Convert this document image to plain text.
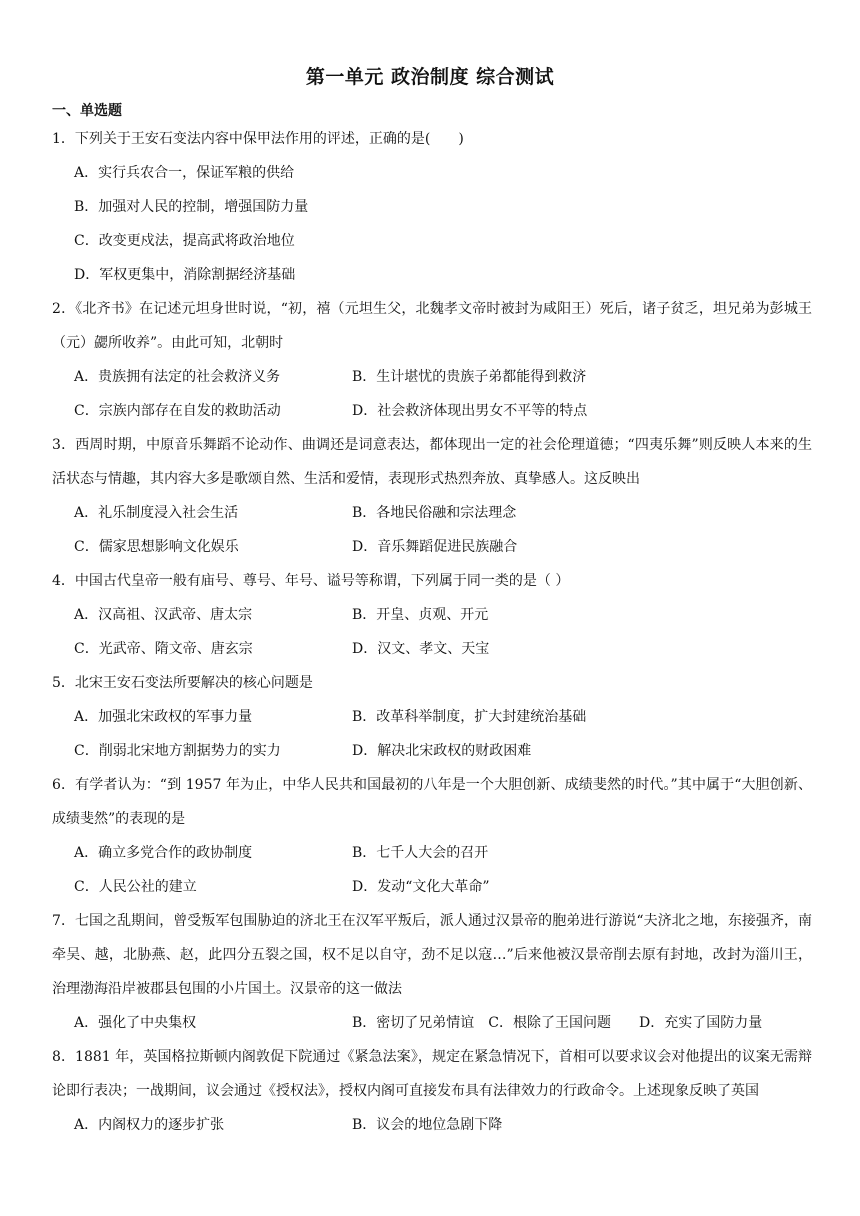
第一单元 政治制度 综合测试
一、单选题

1．下列关于王安石变法内容中保甲法作用的评述，正确的是(　　)

A．实行兵农合一，保证军粮的供给
B．加强对人民的控制，增强国防力量
C．改变更戍法，提高武将政治地位
D．军权更集中，消除割据经济基础

2．《北齐书》在记述元坦身世时说，“初，禧（元坦生父，北魏孝文帝时被封为咸阳王）死后，诸子贫乏，坦兄弟为彭城王（元）勰所收养”。由此可知，北朝时

A．贵族拥有法定的社会救济义务	B．生计堪忧的贵族子弟都能得到救济
C．宗族内部存在自发的救助活动	D．社会救济体现出男女不平等的特点

3．西周时期，中原音乐舞蹈不论动作、曲调还是词意表达，都体现出一定的社会伦理道德；“四夷乐舞”则反映人本来的生活状态与情趣，其内容大多是歌颂自然、生活和爱情，表现形式热烈奔放、真挚感人。这反映出

A．礼乐制度浸入社会生活	B．各地民俗融和宗法理念
C．儒家思想影响文化娱乐	D．音乐舞蹈促进民族融合

4．中国古代皇帝一般有庙号、尊号、年号、谥号等称谓，下列属于同一类的是（ ）

A．汉高祖、汉武帝、唐太宗	B．开皇、贞观、开元
C．光武帝、隋文帝、唐玄宗	D．汉文、孝文、天宝

5．北宋王安石变法所要解决的核心问题是

A．加强北宋政权的军事力量	B．改革科举制度，扩大封建统治基础
C．削弱北宋地方割据势力的实力	D．解决北宋政权的财政困难

6．有学者认为：“到 1957 年为止，中华人民共和国最初的八年是一个大胆创新、成绩斐然的时代。”其中属于“大胆创新、成绩斐然”的表现的是

A．确立多党合作的政协制度	B．七千人大会的召开
C．人民公社的建立	D．发动“文化大革命”

7．七国之乱期间，曾受叛军包围胁迫的济北王在汉军平叛后，派人通过汉景帝的胞弟进行游说“夫济北之地，东接强齐，南牵吴、越，北胁燕、赵，此四分五裂之国，权不足以自守，劲不足以寇…”后来他被汉景帝削去原有封地，改封为淄川王，治理渤海沿岸被郡县包围的小片国土。汉景帝的这一做法

A．强化了中央集权	B．密切了兄弟情谊 C．根除了王国问题 D．充实了国防力量

8．1881 年，英国格拉斯顿内阁敦促下院通过《紧急法案》，规定在紧急情况下，首相可以要求议会对他提出的议案无需辩论即行表决；一战期间，议会通过《授权法》，授权内阁可直接发布具有法律效力的行政命令。上述现象反映了英国

A．内阁权力的逐步扩张	B．议会的地位急剧下降
